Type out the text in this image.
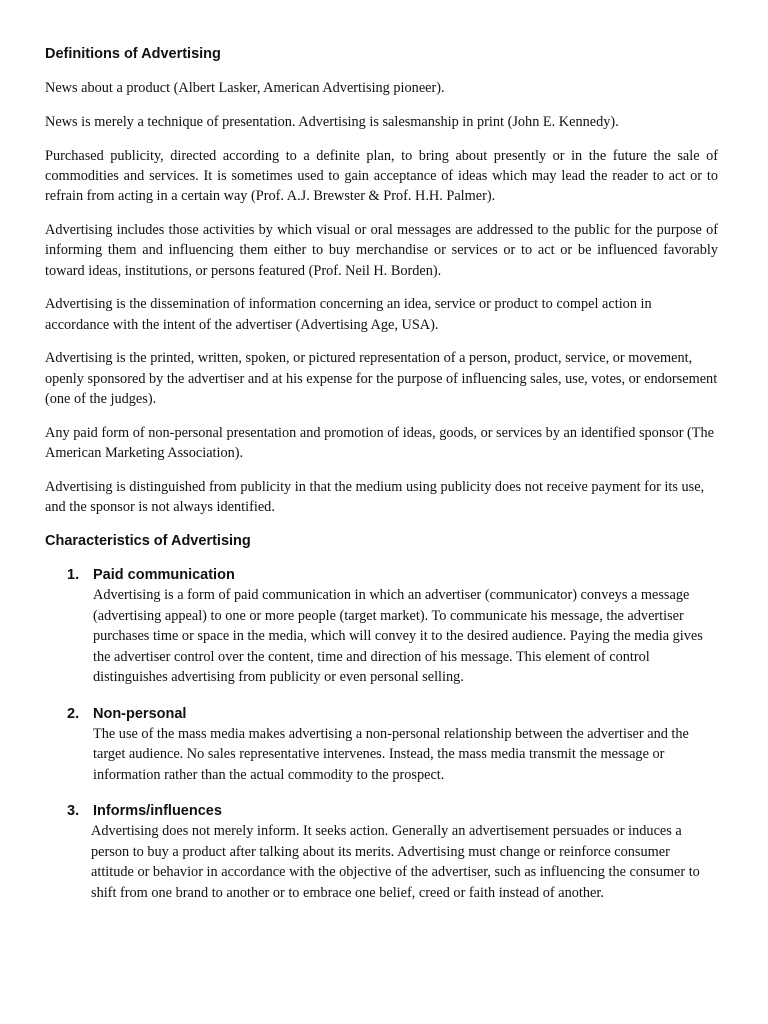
Definitions of Advertising

News about a product (Albert Lasker, American Advertising pioneer).

News is merely a technique of presentation. Advertising is salesmanship in print (John E. Kennedy).

Purchased publicity, directed according to a definite plan, to bring about presently or in the future the sale of commodities and services. It is sometimes used to gain acceptance of ideas which may lead the reader to act or to refrain from acting in a certain way (Prof. A.J. Brewster & Prof. H.H. Palmer).

Advertising includes those activities by which visual or oral messages are addressed to the public for the purpose of informing them and influencing them either to buy merchandise or services or to act or be influenced favorably toward ideas, institutions, or persons featured (Prof. Neil H. Borden).

Advertising is the dissemination of information concerning an idea, service or product to compel action in accordance with the intent of the advertiser (Advertising Age, USA).

Advertising is the printed, written, spoken, or pictured representation of a person, product, service, or movement, openly sponsored by the advertiser and at his expense for the purpose of influencing sales, use, votes, or endorsement (one of the judges).

Any paid form of non-personal presentation and promotion of ideas, goods, or services by an identified sponsor (The American Marketing Association).

Advertising is distinguished from publicity in that the medium using publicity does not receive payment for its use, and the sponsor is not always identified.

Characteristics of Advertising
1. Paid communication
Advertising is a form of paid communication in which an advertiser (communicator) conveys a message (advertising appeal) to one or more people (target market). To communicate his message, the advertiser purchases time or space in the media, which will convey it to the desired audience. Paying the media gives the advertiser control over the content, time and direction of his message. This element of control distinguishes advertising from publicity or even personal selling.
2. Non-personal
The use of the mass media makes advertising a non-personal relationship between the advertiser and the target audience. No sales representative intervenes. Instead, the mass media transmit the message or information rather than the actual commodity to the prospect.
3. Informs/influences
Advertising does not merely inform. It seeks action. Generally an advertisement persuades or induces a person to buy a product after talking about its merits. Advertising must change or reinforce consumer attitude or behavior in accordance with the objective of the advertiser, such as influencing the consumer to shift from one brand to another or to embrace one belief, creed or faith instead of another.
